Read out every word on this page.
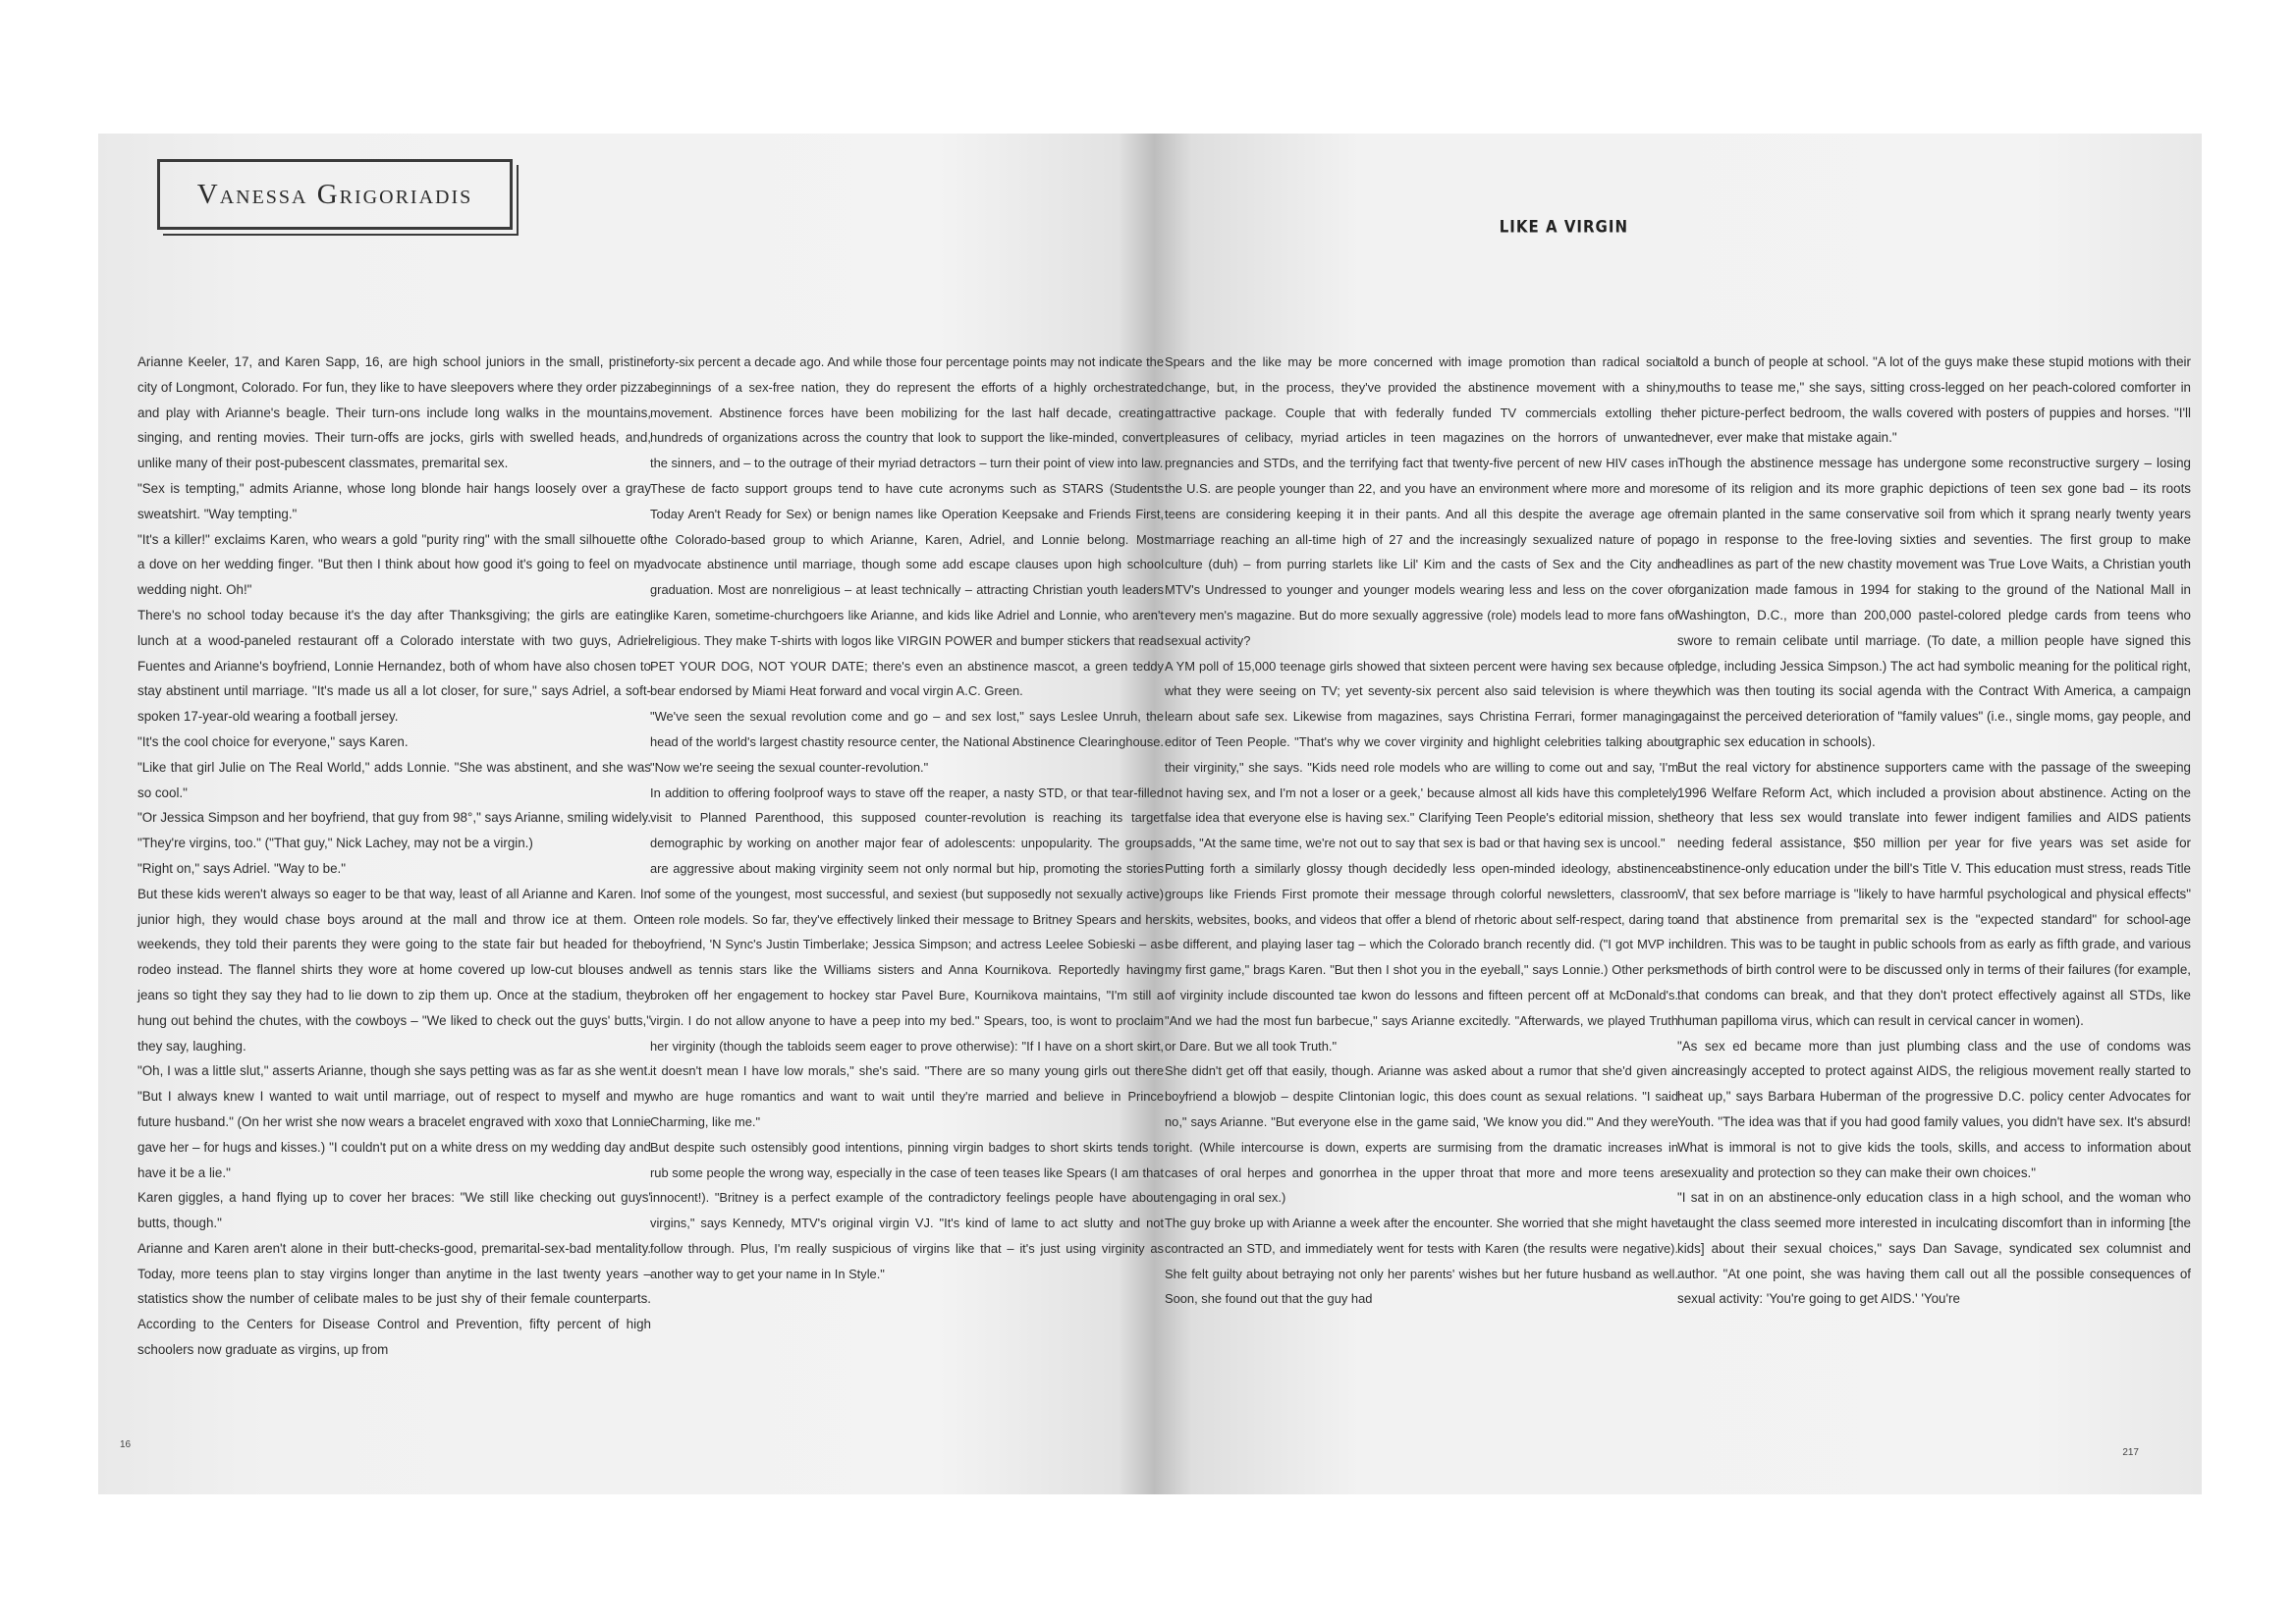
Vanessa Grigoriadis
LIKE A VIRGIN

Arianne Keeler, 17, and Karen Sapp, 16, are high school juniors in the small, pristine city of Longmont, Colorado. For fun, they like to have sleepovers where they order pizza and play with Arianne's beagle. Their turn-ons include long walks in the mountains, singing, and renting movies. Their turn-offs are jocks, girls with swelled heads, and, unlike many of their post-pubescent classmates, premarital sex.

"Sex is tempting," admits Arianne, whose long blonde hair hangs loosely over a gray sweatshirt. "Way tempting."

"It's a killer!" exclaims Karen, who wears a gold "purity ring" with the small silhouette of a dove on her wedding finger. "But then I think about how good it's going to feel on my wedding night. Oh!"

There's no school today because it's the day after Thanksgiving; the girls are eating lunch at a wood-paneled restaurant off a Colorado interstate with two guys, Adriel Fuentes and Arianne's boyfriend, Lonnie Hernandez, both of whom have also chosen to stay abstinent until marriage. "It's made us all a lot closer, for sure," says Adriel, a soft-spoken 17-year-old wearing a football jersey.

"It's the cool choice for everyone," says Karen.

"Like that girl Julie on The Real World," adds Lonnie. "She was abstinent, and she was so cool."

"Or Jessica Simpson and her boyfriend, that guy from 98°," says Arianne, smiling widely. "They're virgins, too." ("That guy," Nick Lachey, may not be a virgin.)

"Right on," says Adriel. "Way to be."

But these kids weren't always so eager to be that way, least of all Arianne and Karen. In junior high, they would chase boys around at the mall and throw ice at them. On weekends, they told their parents they were going to the state fair but headed for the rodeo instead. The flannel shirts they wore at home covered up low-cut blouses and jeans so tight they say they had to lie down to zip them up. Once at the stadium, they hung out behind the chutes, with the cowboys – "We liked to check out the guys' butts," they say, laughing.

"Oh, I was a little slut," asserts Arianne, though she says petting was as far as she went. "But I always knew I wanted to wait until marriage, out of respect to myself and my future husband." (On her wrist she now wears a bracelet engraved with xoxo that Lonnie gave her – for hugs and kisses.) "I couldn't put on a white dress on my wedding day and have it be a lie."

Karen giggles, a hand flying up to cover her braces: "We still like checking out guys' butts, though."

Arianne and Karen aren't alone in their butt-checks-good, premarital-sex-bad mentality. Today, more teens plan to stay virgins longer than anytime in the last twenty years – statistics show the number of celibate males to be just shy of their female counterparts. According to the Centers for Disease Control and Prevention, fifty percent of high schoolers now graduate as virgins, up from

forty-six percent a decade ago. And while those four percentage points may not indicate the beginnings of a sex-free nation, they do represent the efforts of a highly orchestrated movement. Abstinence forces have been mobilizing for the last half decade, creating hundreds of organizations across the country that look to support the like-minded, convert the sinners, and – to the outrage of their myriad detractors – turn their point of view into law.

These de facto support groups tend to have cute acronyms such as STARS (Students Today Aren't Ready for Sex) or benign names like Operation Keepsake and Friends First, the Colorado-based group to which Arianne, Karen, Adriel, and Lonnie belong. Most advocate abstinence until marriage, though some add escape clauses upon high school graduation. Most are nonreligious – at least technically – attracting Christian youth leaders like Karen, sometime-churchgoers like Arianne, and kids like Adriel and Lonnie, who aren't religious. They make T-shirts with logos like VIRGIN POWER and bumper stickers that read PET YOUR DOG, NOT YOUR DATE; there's even an abstinence mascot, a green teddy bear endorsed by Miami Heat forward and vocal virgin A.C. Green.

"We've seen the sexual revolution come and go – and sex lost," says Leslee Unruh, the head of the world's largest chastity resource center, the National Abstinence Clearinghouse. "Now we're seeing the sexual counter-revolution."

In addition to offering foolproof ways to stave off the reaper, a nasty STD, or that tear-filled visit to Planned Parenthood, this supposed counter-revolution is reaching its target demographic by working on another major fear of adolescents: unpopularity. The groups are aggressive about making virginity seem not only normal but hip, promoting the stories of some of the youngest, most successful, and sexiest (but supposedly not sexually active) teen role models. So far, they've effectively linked their message to Britney Spears and her boyfriend, 'N Sync's Justin Timberlake; Jessica Simpson; and actress Leelee Sobieski – as well as tennis stars like the Williams sisters and Anna Kournikova. Reportedly having broken off her engagement to hockey star Pavel Bure, Kournikova maintains, "I'm still a virgin. I do not allow anyone to have a peep into my bed." Spears, too, is wont to proclaim her virginity (though the tabloids seem eager to prove otherwise): "If I have on a short skirt, it doesn't mean I have low morals," she's said. "There are so many young girls out there who are huge romantics and want to wait until they're married and believe in Prince Charming, like me."

But despite such ostensibly good intentions, pinning virgin badges to short skirts tends to rub some people the wrong way, especially in the case of teen teases like Spears (I am that innocent!). "Britney is a perfect example of the contradictory feelings people have about virgins," says Kennedy, MTV's original virgin VJ. "It's kind of lame to act slutty and not follow through. Plus, I'm really suspicious of virgins like that – it's just using virginity as another way to get your name in In Style."

Spears and the like may be more concerned with image promotion than radical social change, but, in the process, they've provided the abstinence movement with a shiny, attractive package. Couple that with federally funded TV commercials extolling the pleasures of celibacy, myriad articles in teen magazines on the horrors of unwanted pregnancies and STDs, and the terrifying fact that twenty-five percent of new HIV cases in the U.S. are people younger than 22, and you have an environment where more and more teens are considering keeping it in their pants. And all this despite the average age of marriage reaching an all-time high of 27 and the increasingly sexualized nature of pop culture (duh) – from purring starlets like Lil' Kim and the casts of Sex and the City and MTV's Undressed to younger and younger models wearing less and less on the cover of every men's magazine. But do more sexually aggressive (role) models lead to more fans of sexual activity?

A YM poll of 15,000 teenage girls showed that sixteen percent were having sex because of what they were seeing on TV; yet seventy-six percent also said television is where they learn about safe sex. Likewise from magazines, says Christina Ferrari, former managing editor of Teen People. "That's why we cover virginity and highlight celebrities talking about their virginity," she says. "Kids need role models who are willing to come out and say, 'I'm not having sex, and I'm not a loser or a geek,' because almost all kids have this completely false idea that everyone else is having sex." Clarifying Teen People's editorial mission, she adds, "At the same time, we're not out to say that sex is bad or that having sex is uncool."

Putting forth a similarly glossy though decidedly less open-minded ideology, abstinence groups like Friends First promote their message through colorful newsletters, classroom skits, websites, books, and videos that offer a blend of rhetoric about self-respect, daring to be different, and playing laser tag – which the Colorado branch recently did. ("I got MVP in my first game," brags Karen. "But then I shot you in the eyeball," says Lonnie.) Other perks of virginity include discounted tae kwon do lessons and fifteen percent off at McDonald's. "And we had the most fun barbecue," says Arianne excitedly. "Afterwards, we played Truth or Dare. But we all took Truth."

She didn't get off that easily, though. Arianne was asked about a rumor that she'd given a boyfriend a blowjob – despite Clintonian logic, this does count as sexual relations. "I said no," says Arianne. "But everyone else in the game said, 'We know you did.'" And they were right. (While intercourse is down, experts are surmising from the dramatic increases in cases of oral herpes and gonorrhea in the upper throat that more and more teens are engaging in oral sex.)

The guy broke up with Arianne a week after the encounter. She worried that she might have contracted an STD, and immediately went for tests with Karen (the results were negative). She felt guilty about betraying not only her parents' wishes but her future husband as well. Soon, she found out that the guy had

told a bunch of people at school. "A lot of the guys make these stupid motions with their mouths to tease me," she says, sitting cross-legged on her peach-colored comforter in her picture-perfect bedroom, the walls covered with posters of puppies and horses. "I'll never, ever make that mistake again."

Though the abstinence message has undergone some reconstructive surgery – losing some of its religion and its more graphic depictions of teen sex gone bad – its roots remain planted in the same conservative soil from which it sprang nearly twenty years ago in response to the free-loving sixties and seventies. The first group to make headlines as part of the new chastity movement was True Love Waits, a Christian youth organization made famous in 1994 for staking to the ground of the National Mall in Washington, D.C., more than 200,000 pastel-colored pledge cards from teens who swore to remain celibate until marriage. (To date, a million people have signed this pledge, including Jessica Simpson.) The act had symbolic meaning for the political right, which was then touting its social agenda with the Contract With America, a campaign against the perceived deterioration of "family values" (i.e., single moms, gay people, and graphic sex education in schools).

But the real victory for abstinence supporters came with the passage of the sweeping 1996 Welfare Reform Act, which included a provision about abstinence. Acting on the theory that less sex would translate into fewer indigent families and AIDS patients needing federal assistance, $50 million per year for five years was set aside for abstinence-only education under the bill's Title V. This education must stress, reads Title V, that sex before marriage is "likely to have harmful psychological and physical effects" and that abstinence from premarital sex is the "expected standard" for school-age children. This was to be taught in public schools from as early as fifth grade, and various methods of birth control were to be discussed only in terms of their failures (for example, that condoms can break, and that they don't protect effectively against all STDs, like human papilloma virus, which can result in cervical cancer in women).

"As sex ed became more than just plumbing class and the use of condoms was increasingly accepted to protect against AIDS, the religious movement really started to heat up," says Barbara Huberman of the progressive D.C. policy center Advocates for Youth. "The idea was that if you had good family values, you didn't have sex. It's absurd! What is immoral is not to give kids the tools, skills, and access to information about sexuality and protection so they can make their own choices."

"I sat in on an abstinence-only education class in a high school, and the woman who taught the class seemed more interested in inculcating discomfort than in informing [the kids] about their sexual choices," says Dan Savage, syndicated sex columnist and author. "At one point, she was having them call out all the possible consequences of sexual activity: 'You're going to get AIDS.' 'You're

16
217
